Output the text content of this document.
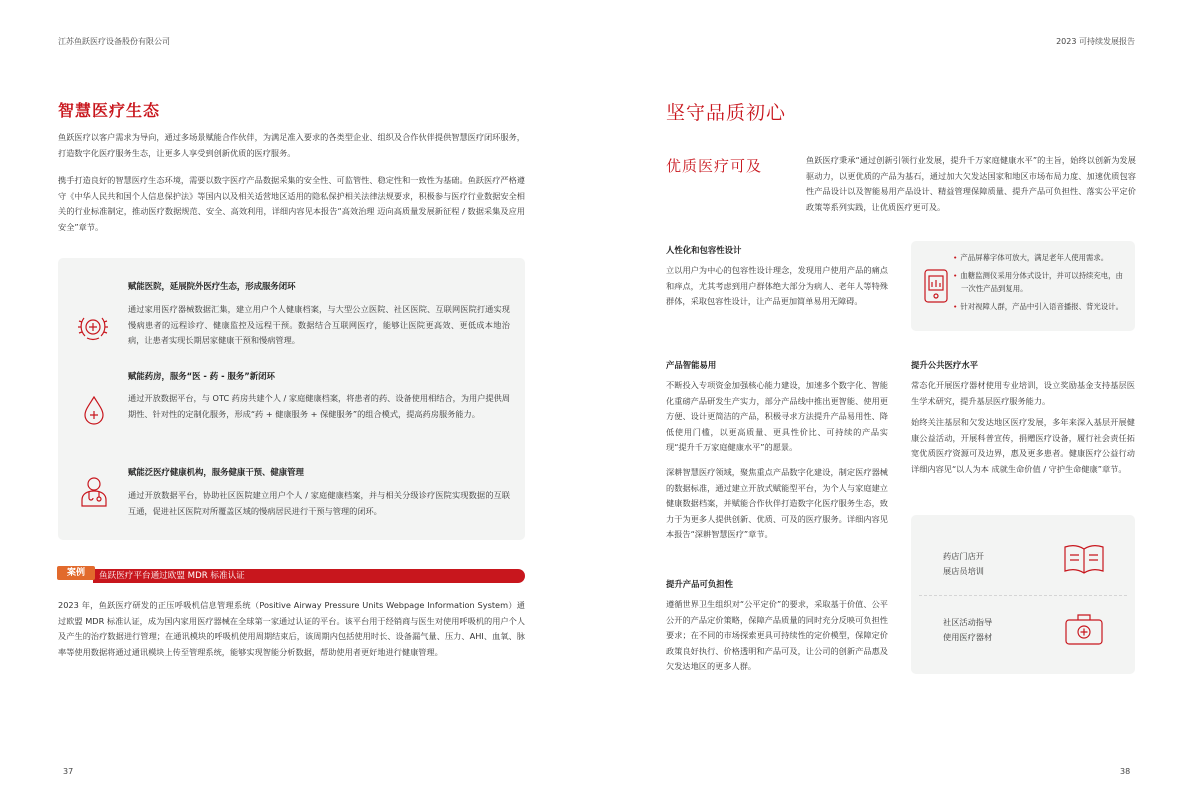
江苏鱼跃医疗设备股份有限公司	2023 可持续发展报告
智慧医疗生态
鱼跃医疗以客户需求为导向，通过多场景赋能合作伙伴，为满足准入要求的各类型企业、组织及合作伙伴提供智慧医疗闭环服务，打造数字化医疗服务生态，让更多人享受到创新优质的医疗服务。
携手打造良好的智慧医疗生态环境，需要以数字医疗产品数据采集的安全性、可监管性、稳定性和一致性为基础。鱼跃医疗严格遵守《中华人民共和国个人信息保护法》等国内以及相关适营地区适用的隐私保护相关法律法规要求，积极参与医疗行业数据安全相关的行业标准制定，推动医疗数据规范、安全、高效利用，详细内容见本报告“高效治理 迈向高质量发展新征程 / 数据采集及应用安全”章节。
赋能医院，延展院外医疗生态，形成服务闭环
通过家用医疗器械数据汇集，建立用户个人健康档案，与大型公立医院、社区医院、互联网医院打通实现慢病患者的远程诊疗、健康监控及远程干预。数据结合互联网医疗，能够让医院更高效、更低成本地治病，让患者实现长期居家健康干预和慢病管理。
赋能药房，服务“医 - 药 - 服务”新闭环
通过开放数据平台，与 OTC 药房共建个人 / 家庭健康档案，将患者的药、设备使用相结合，为用户提供周期性、针对性的定制化服务，形成“药 + 健康服务 + 保健服务”的组合模式，提高药房服务能力。
赋能泛医疗健康机构，服务健康干预、健康管理
通过开放数据平台，协助社区医院建立用户个人 / 家庭健康档案，并与相关分级诊疗医院实现数据的互联互通，促进社区医院对所覆盖区域的慢病居民进行干预与管理的闭环。
鱼跃医疗平台通过欧盟 MDR 标准认证
案例
2023 年，鱼跃医疗研发的正压呼吸机信息管理系统（Positive Airway Pressure Units Webpage Information System）通过欧盟 MDR 标准认证，成为国内家用医疗器械在全球第一家通过认证的平台。该平台用于经销商与医生对使用呼吸机的用户个人及产生的治疗数据进行管理；在通讯模块的呼吸机使用周期结束后，该周期内包括使用时长、设备漏气量、压力、AHI、血氧、脉率等使用数据将通过通讯模块上传至管理系统，能够实现智能分析数据，帮助使用者更好地进行健康管理。
37
坚守品质初心
优质医疗可及	鱼跃医疗秉承“通过创新引领行业发展，提升千万家庭健康水平”的主旨，始终以创新为发展驱动力，以更优质的产品为基石，通过加大欠发达国家和地区市场布局力度、加速优质包容性产品设计以及智能易用产品设计、精益管理保障质量、提升产品可负担性、落实公平定价政策等系列实践，让优质医疗更可及。
人性化和包容性设计
立以用户为中心的包容性设计理念，发现用户使用产品的痛点和痒点，尤其考虑到用户群体绝大部分为病人、老年人等特殊群体，采取包容性设计，让产品更加简单易用无障碍。
• 产品屏幕字体可放大，满足老年人使用需求。
• 血糖监测仪采用分体式设计，并可以持续充电，由一次性产品到复用。
• 针对视障人群，产品中引入语音播报、背光设计。
产品智能易用
不断投入专项资金加强核心能力建设，加速多个数字化、智能化重磅产品研发生产实力，部分产品线中推出更智能、使用更方便、设计更简洁的产品，积极寻求方法提升产品易用性、降低使用门槛，以更高质量、更具性价比、可持续的产品实现“提升千万家庭健康水平”的愿景。
深耕智慧医疗领域，聚焦重点产品数字化建设，制定医疗器械的数据标准，通过建立开放式赋能型平台，为个人与家庭建立健康数据档案，并赋能合作伙伴打造数字化医疗服务生态，致力于为更多人提供创新、优质、可及的医疗服务。详细内容见本报告“深耕智慧医疗”章节。
提升产品可负担性
遵循世界卫生组织对“公平定价”的要求，采取基于价值、公平公开的产品定价策略，保障产品质量的同时充分反映可负担性要求；在不同的市场探索更具可持续性的定价模型，保障定价政策良好执行、价格透明和产品可及，让公司的创新产品惠及欠发达地区的更多人群。
提升公共医疗水平
常态化开展医疗器材使用专业培训，设立奖励基金支持基层医生学术研究，提升基层医疗服务能力。
始终关注基层和欠发达地区医疗发展，多年来深入基层开展健康公益活动，开展科普宣传，捐赠医疗设备，履行社会责任拓宽优质医疗资源可及边界，惠及更多患者。健康医疗公益行动详细内容见“以人为本 成就生命价值 / 守护生命健康”章节。
药店门店开
展店员培训
社区活动指导
使用医疗器材
38
